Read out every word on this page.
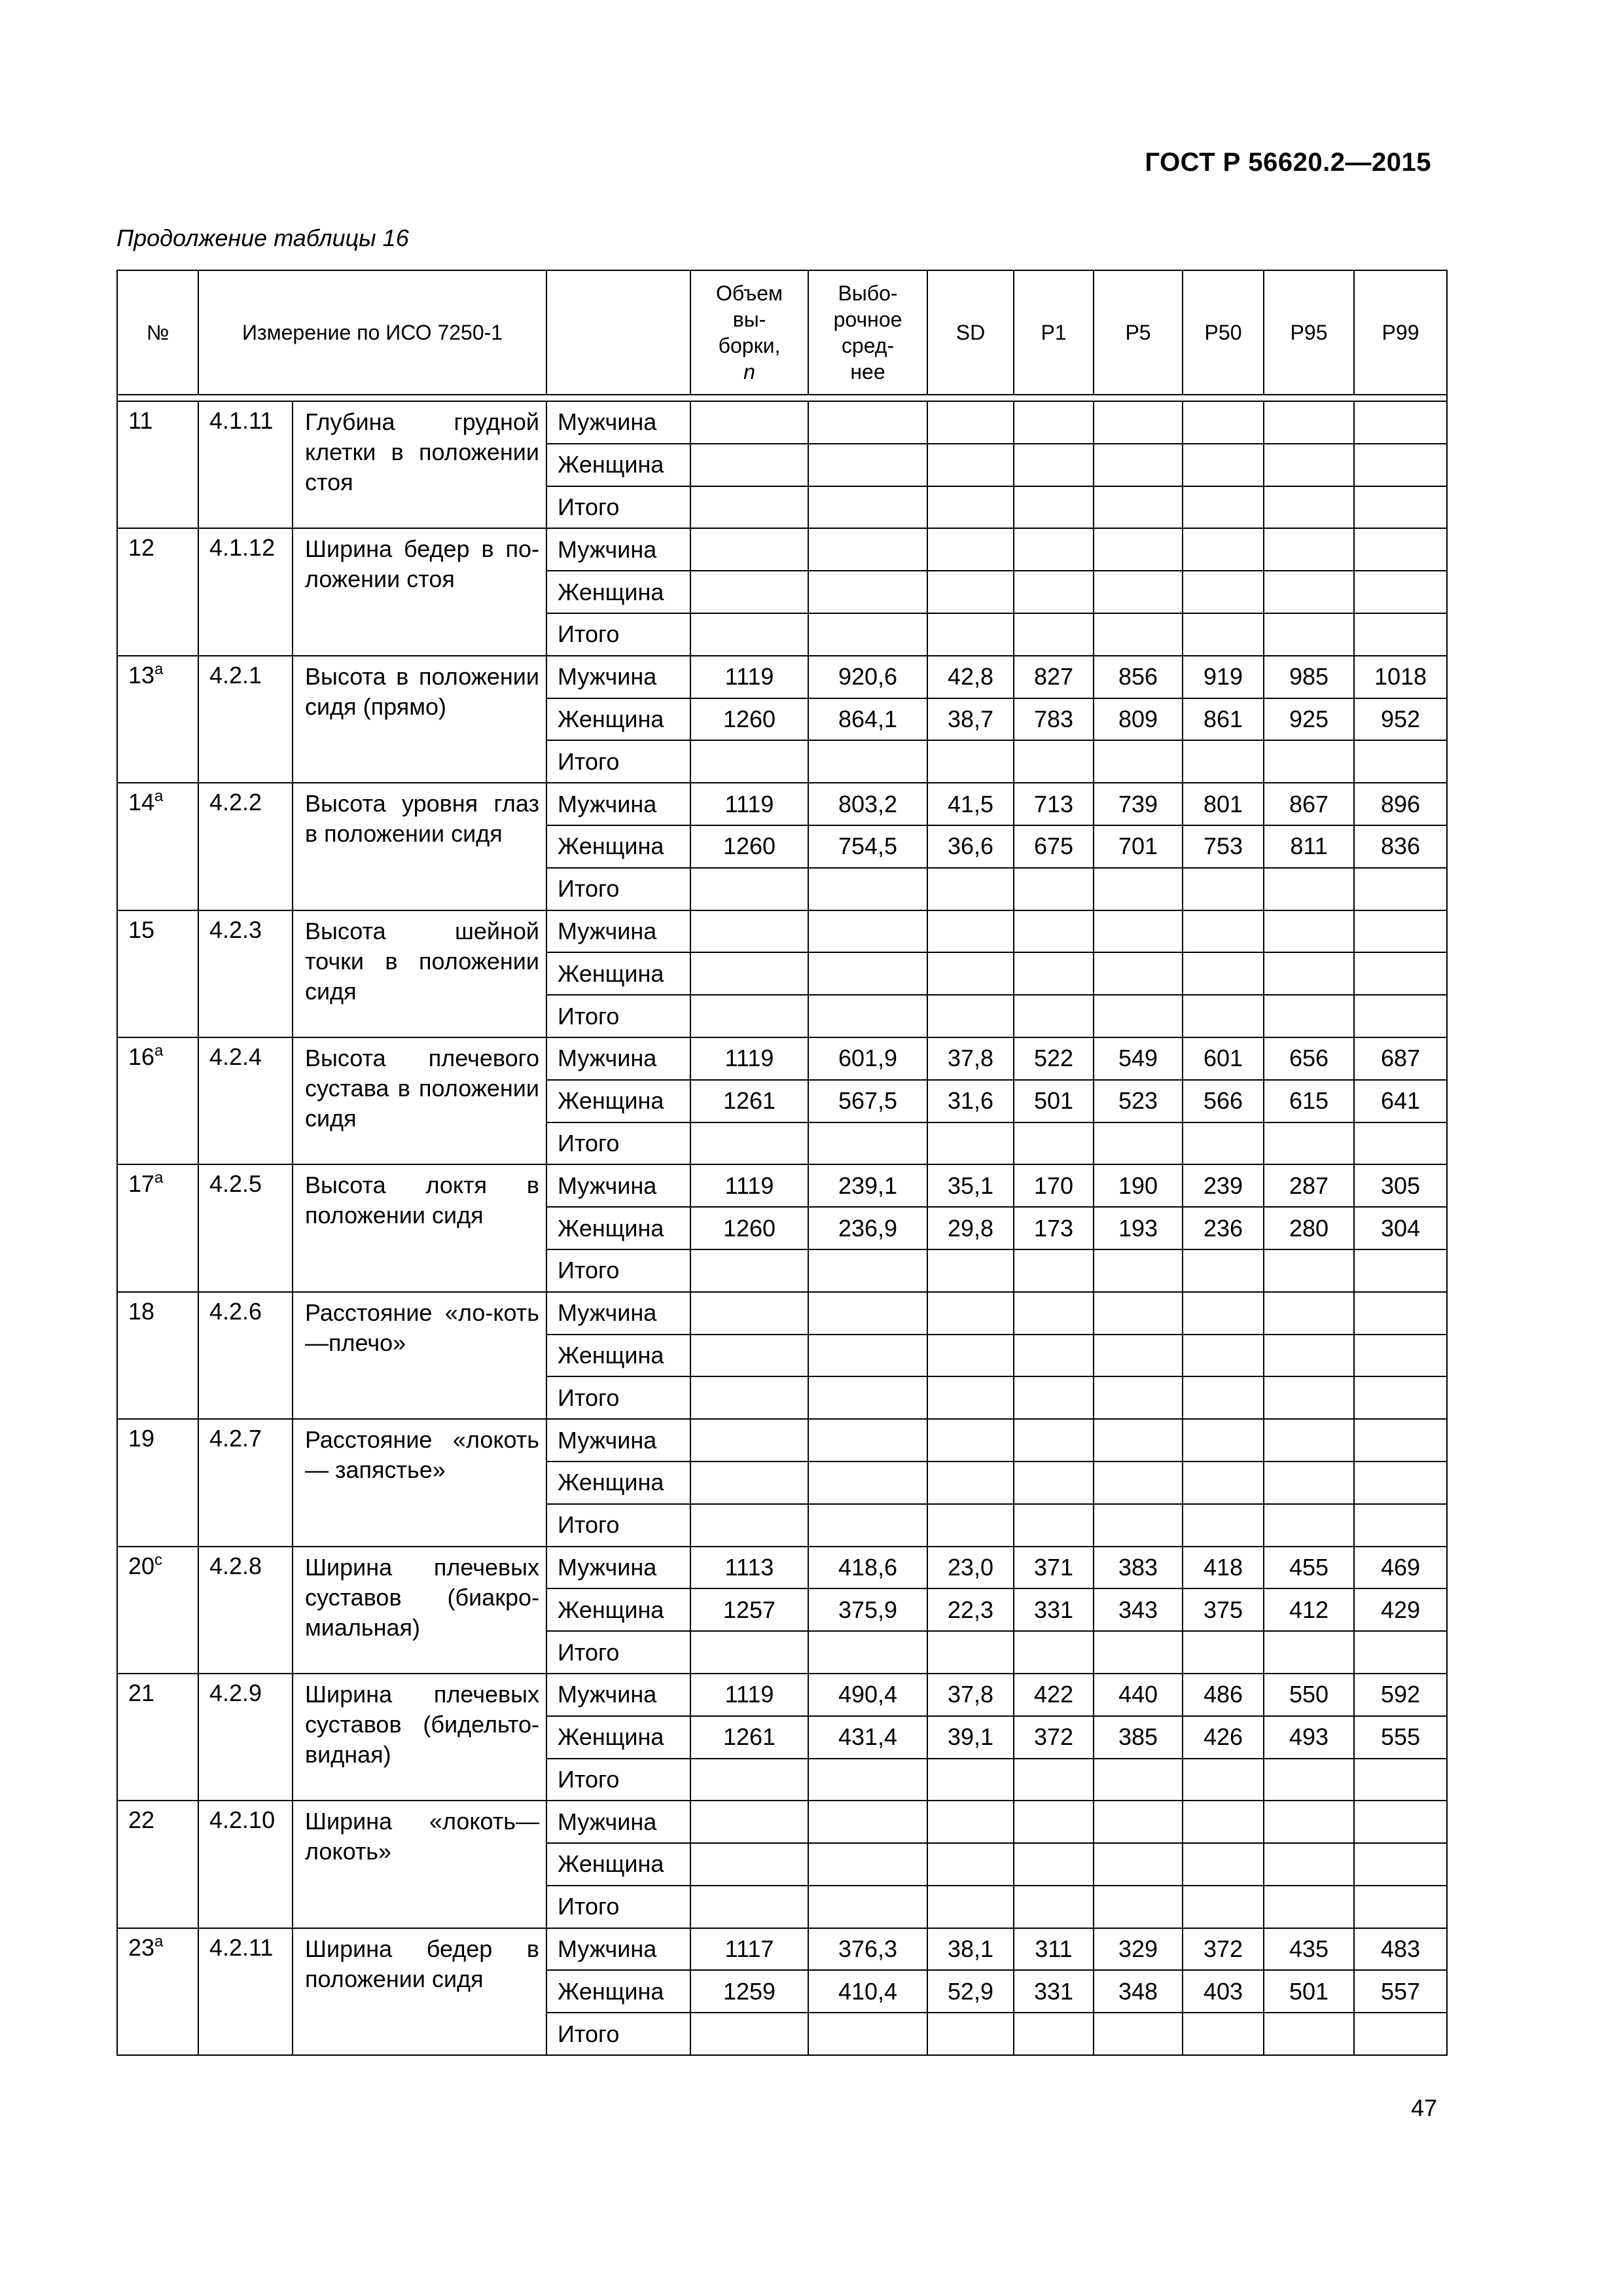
ГОСТ Р 56620.2—2015
Продолжение таблицы 16
№	Измерение по ИСО 7250-1			Объем
вы-
борки,
n	Выбо-
рочное
сред-
нее	SD	P1	P5	P50	P95	P99

11	4.1.11	Глубина грудной клетки в положении стоя	Мужчина								
			Женщина								
			Итого								
12	4.1.12	Ширина бедер в по-ложении стоя	Мужчина								
			Женщина								
			Итого								
13$^a$	4.2.1	Высота в положении сидя (прямо)	Мужчина	1119	920,6	42,8	827	856	919	985	1018
			Женщина	1260	864,1	38,7	783	809	861	925	952
			Итого								
14$^a$	4.2.2	Высота уровня глаз в положении сидя	Мужчина	1119	803,2	41,5	713	739	801	867	896
			Женщина	1260	754,5	36,6	675	701	753	811	836
			Итого								
15	4.2.3	Высота шейной точки в положении сидя	Мужчина								
			Женщина								
			Итого								
16$^a$	4.2.4	Высота плечевого сустава в положении сидя	Мужчина	1119	601,9	37,8	522	549	601	656	687
			Женщина	1261	567,5	31,6	501	523	566	615	641
			Итого								
17$^a$	4.2.5	Высота локтя в положении сидя	Мужчина	1119	239,1	35,1	170	190	239	287	305
			Женщина	1260	236,9	29,8	173	193	236	280	304
			Итого								
18	4.2.6	Расстояние «ло-коть—плечо»	Мужчина								
			Женщина								
			Итого								
19	4.2.7	Расстояние «локоть— запястье»	Мужчина								
			Женщина								
			Итого								
20$^c$	4.2.8	Ширина плечевых суставов (биакро-миальная)	Мужчина	1113	418,6	23,0	371	383	418	455	469
			Женщина	1257	375,9	22,3	331	343	375	412	429
			Итого								
21	4.2.9	Ширина плечевых суставов (бидельто-видная)	Мужчина	1119	490,4	37,8	422	440	486	550	592
			Женщина	1261	431,4	39,1	372	385	426	493	555
			Итого								
22	4.2.10	Ширина «локоть— локоть»	Мужчина								
			Женщина								
			Итого								
23$^a$	4.2.11	Ширина бедер в положении сидя	Мужчина	1117	376,3	38,1	311	329	372	435	483
			Женщина	1259	410,4	52,9	331	348	403	501	557
			Итого								
47
